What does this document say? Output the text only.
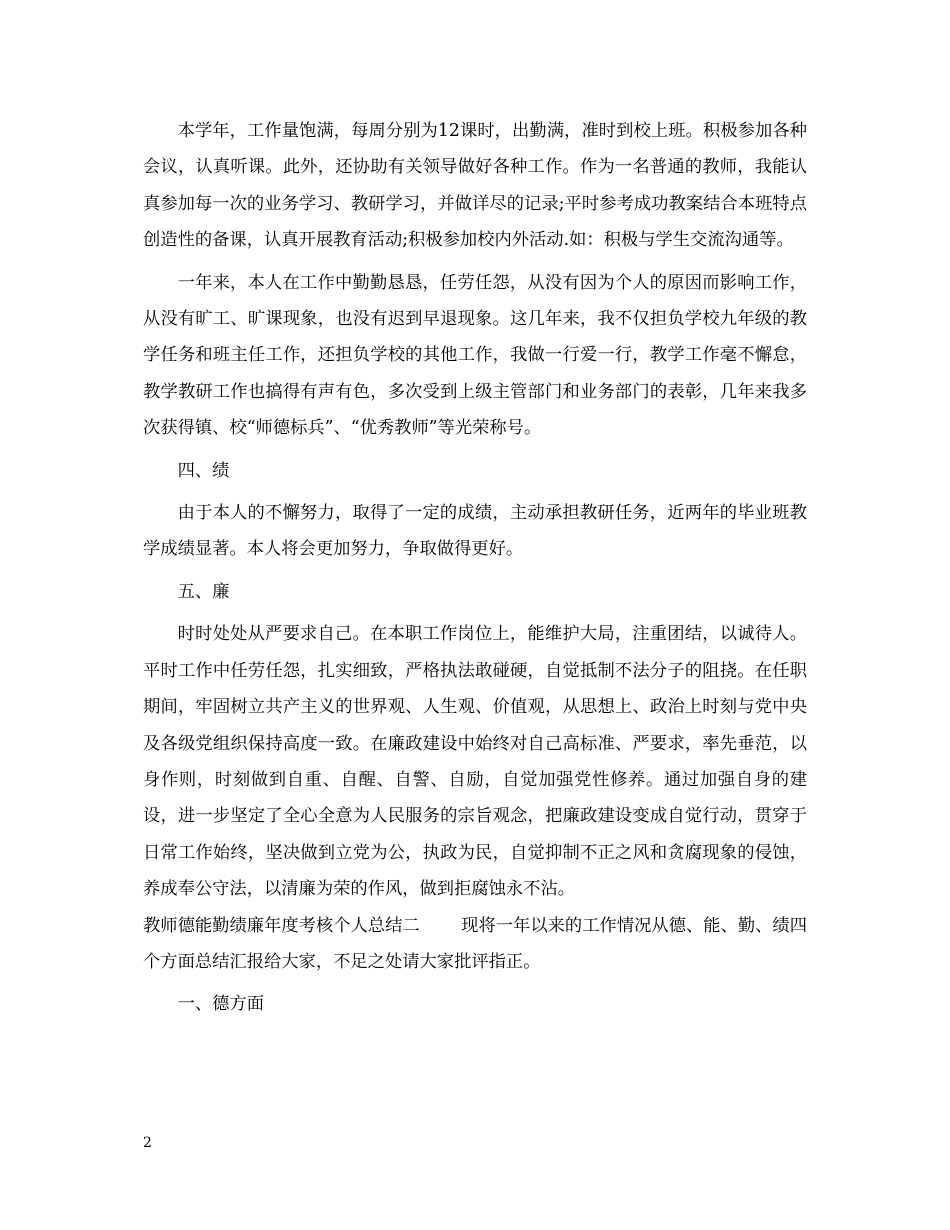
本学年，工作量饱满，每周分别为12课时，出勤满，准时到校上班。积极参加各种会议，认真听课。此外，还协助有关领导做好各种工作。作为一名普通的教师，我能认真参加每一次的业务学习、教研学习，并做详尽的记录;平时参考成功教案结合本班特点创造性的备课，认真开展教育活动;积极参加校内外活动.如：积极与学生交流沟通等。

一年来，本人在工作中勤勤恳恳，任劳任怨，从没有因为个人的原因而影响工作，从没有旷工、旷课现象，也没有迟到早退现象。这几年来，我不仅担负学校九年级的教学任务和班主任工作，还担负学校的其他工作，我做一行爱一行，教学工作毫不懈怠，教学教研工作也搞得有声有色，多次受到上级主管部门和业务部门的表彰，几年来我多次获得镇、校“师德标兵”、“优秀教师”等光荣称号。

四、绩

由于本人的不懈努力，取得了一定的成绩，主动承担教研任务，近两年的毕业班教学成绩显著。本人将会更加努力，争取做得更好。

五、廉

时时处处从严要求自己。在本职工作岗位上，能维护大局，注重团结，以诚待人。平时工作中任劳任怨，扎实细致，严格执法敢碰硬，自觉抵制不法分子的阻挠。在任职期间，牢固树立共产主义的世界观、人生观、价值观，从思想上、政治上时刻与党中央及各级党组织保持高度一致。在廉政建设中始终对自己高标准、严要求，率先垂范，以身作则，时刻做到自重、自醒、自警、自励，自觉加强党性修养。通过加强自身的建设，进一步坚定了全心全意为人民服务的宗旨观念，把廉政建设变成自觉行动，贯穿于日常工作始终，坚决做到立党为公，执政为民，自觉抑制不正之风和贪腐现象的侵蚀，养成奉公守法，以清廉为荣的作风，做到拒腐蚀永不沾。

教师德能勤绩廉年度考核个人总结二 现将一年以来的工作情况从德、能、勤、绩四个方面总结汇报给大家，不足之处请大家批评指正。

一、德方面

2
